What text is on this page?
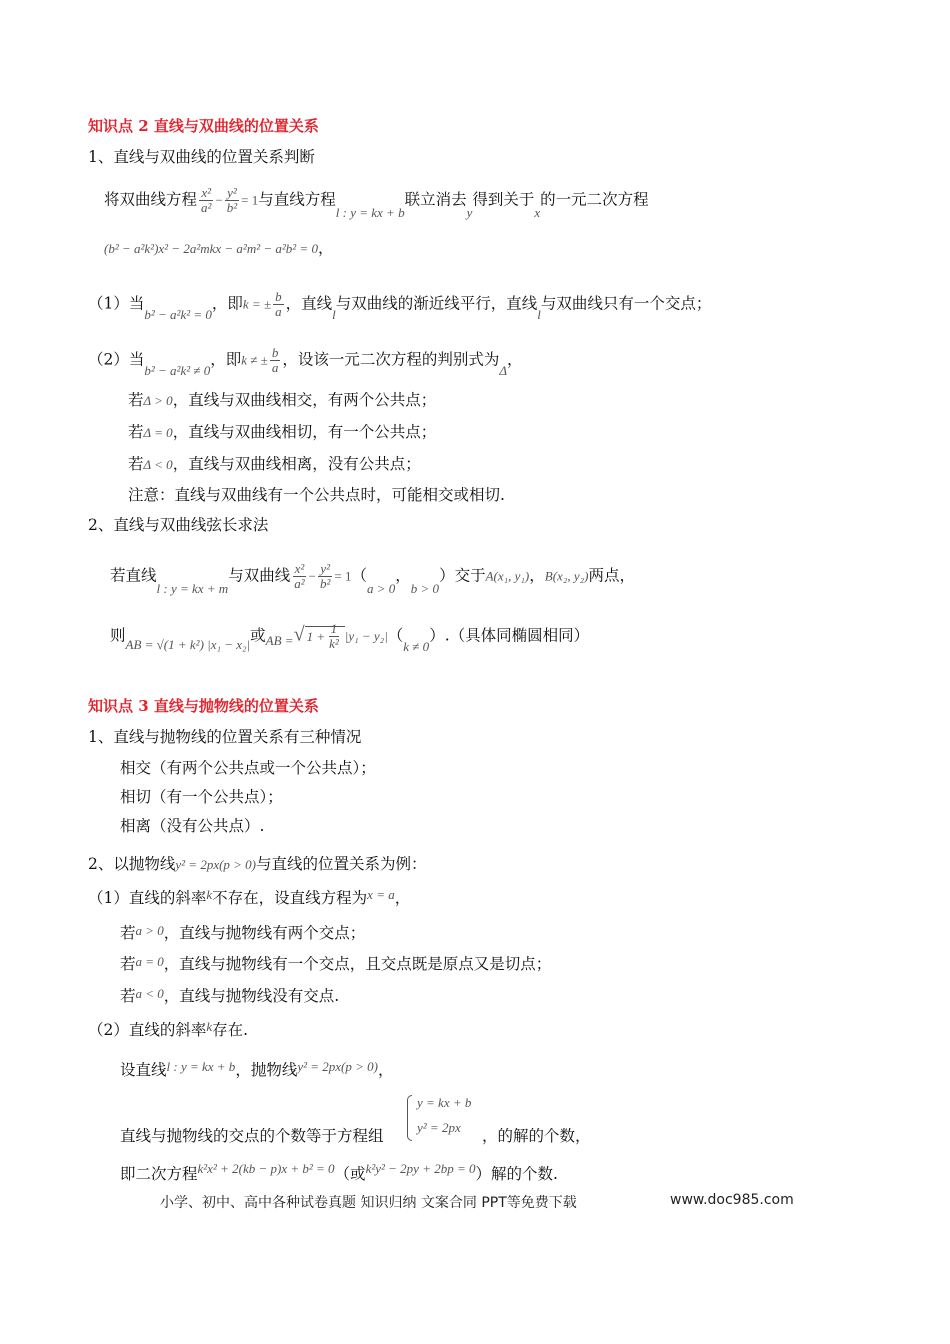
知识点 2 直线与双曲线的位置关系
1、直线与双曲线的位置关系判断
将双曲线方程 $\frac{\text{x²}}{\text{a²}} - \frac{\text{y²}}{\text{b²}} = 1$与直线方程$_{l : y = kx + b}$联立消去$_y$得到关于$_x$的一元二次方程
(b² − a²k²)x² − 2a²mkx − a²m² − a²b² = 0，
（1）当$_{b^2 - a^2k^2 = 0}$，即k = ± $\frac{b}{a}$ ，直线$_l$与双曲线的渐近线平行，直线$_l$与双曲线只有一个交点；
（2）当$_{b^2 - a^2k^2 \ne 0}$，即k ≠ ± $\frac{b}{a}$ ，设该一元二次方程的判别式为$_\Delta$，
若Δ > 0，直线与双曲线相交，有两个公共点；
若Δ = 0，直线与双曲线相切，有一个公共点；
若Δ < 0，直线与双曲线相离，没有公共点；
注意：直线与双曲线有一个公共点时，可能相交或相切.
2、直线与双曲线弦长求法
若直线$_{l : y = kx + m}$与双曲线 $\frac{\text{x²}}{\text{a²}} - \frac{\text{y²}}{\text{b²}} = 1(_{a > 0}$，$_{b > 0}$）交于A(x₁, y₁)，B(x₂, y₂)两点，
则$_{AB = √(1 + k^2) |x_1 - x_2|}$或$_{AB =}$√ $1 + \frac{1}{\text{k²}} |y_1 - y_2|(_{k \ne 0})$.（具体同椭圆相同）
知识点 3 直线与抛物线的位置关系
1、直线与抛物线的位置关系有三种情况
相交（有两个公共点或一个公共点）；
相切（有一个公共点）；
相离（没有公共点）.
2、以抛物线y² = 2px(p > 0)与直线的位置关系为例：
（1）直线的斜率$^k$不存在，设直线方程为$^{x = a}$，
若a > 0，直线与抛物线有两个交点；
若a = 0，直线与抛物线有一个交点，且交点既是原点又是切点；
若a < 0，直线与抛物线没有交点.
（2）直线的斜率$^k$存在.
设直线$^{l : y = kx + b}$，抛物线$^{y^2 = 2px(p > 0)}$，
y = kx + b
y² = 2px
直线与抛物线的交点的个数等于方程组	，的解的个数，
即二次方程$^{k^2x^2 + 2(kb - p)x + b^2 = 0}$（或$^{k^2y^2 - 2py + 2bp = 0}$）解的个数.
小学、初中、高中各种试卷真题 知识归纳 文案合同 PPT等免费下载	www.doc985.com
